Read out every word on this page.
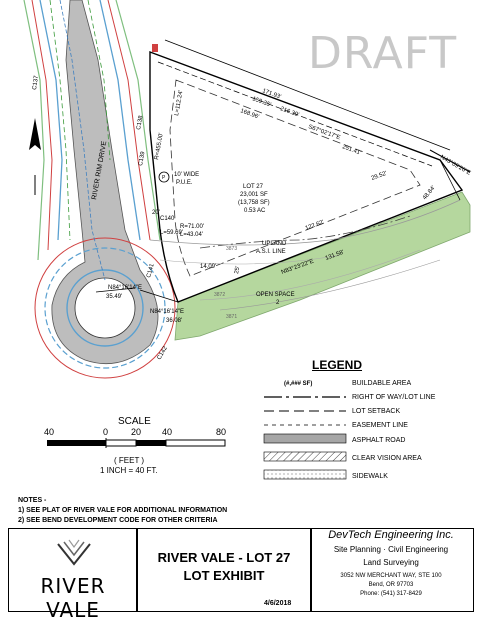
RIVER RIM DRIVE	LOT 27
23,001 SF
(13,758 SF)
0.53 AC
10' WIDE
P.U.E.
R=71.00'
L=43.04'
UPLAND
A.S.I. LINE
OPEN SPACE
2
171.93'
159.35'
S67°02'17"E
168.96'
251.41'
216.39'
122.62'
N83°23'22"E
131.58'
29.52'
48.84'
14.09'
36.08'
N84°16'14"E
N84°16'14"E
35.49'
C140
L=59.69'
C141
R=455.00'
L=112.24'
C138
C139
20'
25'
3873
3872
3871
N43°09'26"E
C137
C142
P
DRAFT
LEGEND
(#,### SF)	BUILDABLE AREA
RIGHT OF WAY/LOT LINE
LOT SETBACK
EASEMENT LINE
ASPHALT ROAD
CLEAR VISION AREA
SIDEWALK
SCALE
40	0	20 40	80
( FEET )
1 INCH = 40 FT.
NOTES -
1) SEE PLAT OF RIVER VALE FOR ADDITIONAL INFORMATION
2) SEE BEND DEVELOPMENT CODE FOR OTHER CRITERIA
RIVER VALE
RIVER VALE - LOT 27
LOT EXHIBIT
4/6/2018
DevTech Engineering Inc.
Site Planning · Civil Engineering
Land Surveying
3052 NW MERCHANT WAY, STE 100
Bend, OR 97703
Phone: (541) 317-8429
